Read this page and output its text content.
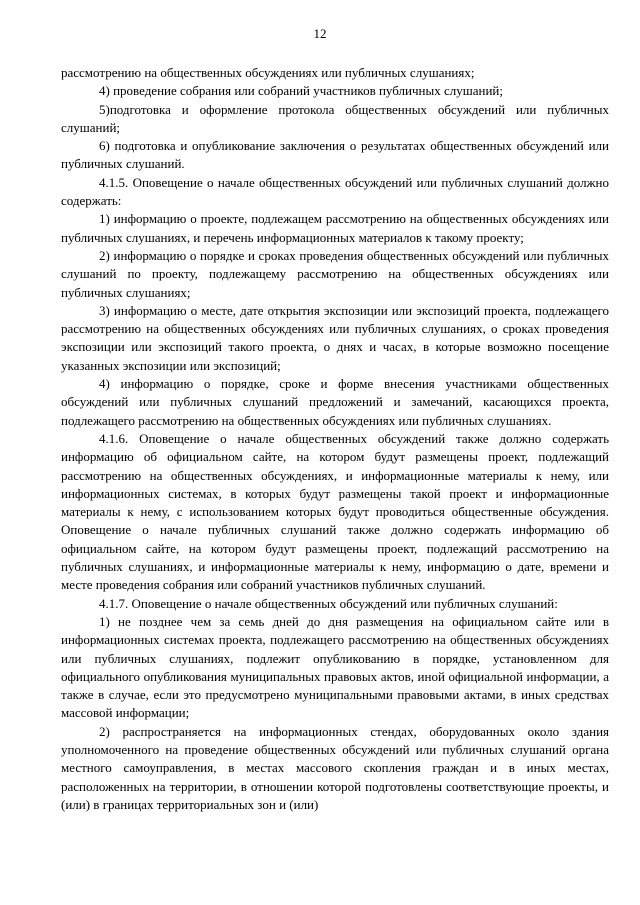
12

рассмотрению на общественных обсуждениях или публичных слушаниях;

4) проведение собрания или собраний участников публичных слушаний;

5)подготовка и оформление протокола общественных обсуждений или публичных слушаний;

6) подготовка и опубликование заключения о результатах общественных обсуждений или публичных слушаний.

4.1.5. Оповещение о начале общественных обсуждений или публичных слушаний должно содержать:

1) информацию о проекте, подлежащем рассмотрению на общественных обсуждениях или публичных слушаниях, и перечень информационных материалов к такому проекту;

2) информацию о порядке и сроках проведения общественных обсуждений или публичных слушаний по проекту, подлежащему рассмотрению на общественных обсуждениях или публичных слушаниях;

3) информацию о месте, дате открытия экспозиции или экспозиций проекта, подлежащего рассмотрению на общественных обсуждениях или публичных слушаниях, о сроках проведения экспозиции или экспозиций такого проекта, о днях и часах, в которые возможно посещение указанных экспозиции или экспозиций;

4) информацию о порядке, сроке и форме внесения участниками общественных обсуждений или публичных слушаний предложений и замечаний, касающихся проекта, подлежащего рассмотрению на общественных обсуждениях или публичных слушаниях.

4.1.6. Оповещение о начале общественных обсуждений также должно содержать информацию об официальном сайте, на котором будут размещены проект, подлежащий рассмотрению на общественных обсуждениях, и информационные материалы к нему, или информационных системах, в которых будут размещены такой проект и информационные материалы к нему, с использованием которых будут проводиться общественные обсуждения. Оповещение о начале публичных слушаний также должно содержать информацию об официальном сайте, на котором будут размещены проект, подлежащий рассмотрению на публичных слушаниях, и информационные материалы к нему, информацию о дате, времени и месте проведения собрания или собраний участников публичных слушаний.

4.1.7. Оповещение о начале общественных обсуждений или публичных слушаний:

1) не позднее чем за семь дней до дня размещения на официальном сайте или в информационных системах проекта, подлежащего рассмотрению на общественных обсуждениях или публичных слушаниях, подлежит опубликованию в порядке, установленном для официального опубликования муниципальных правовых актов, иной официальной информации, а также в случае, если это предусмотрено муниципальными правовыми актами, в иных средствах массовой информации;

2) распространяется на информационных стендах, оборудованных около здания уполномоченного на проведение общественных обсуждений или публичных слушаний органа местного самоуправления, в местах массового скопления граждан и в иных местах, расположенных на территории, в отношении которой подготовлены соответствующие проекты, и (или) в границах территориальных зон и (или)
